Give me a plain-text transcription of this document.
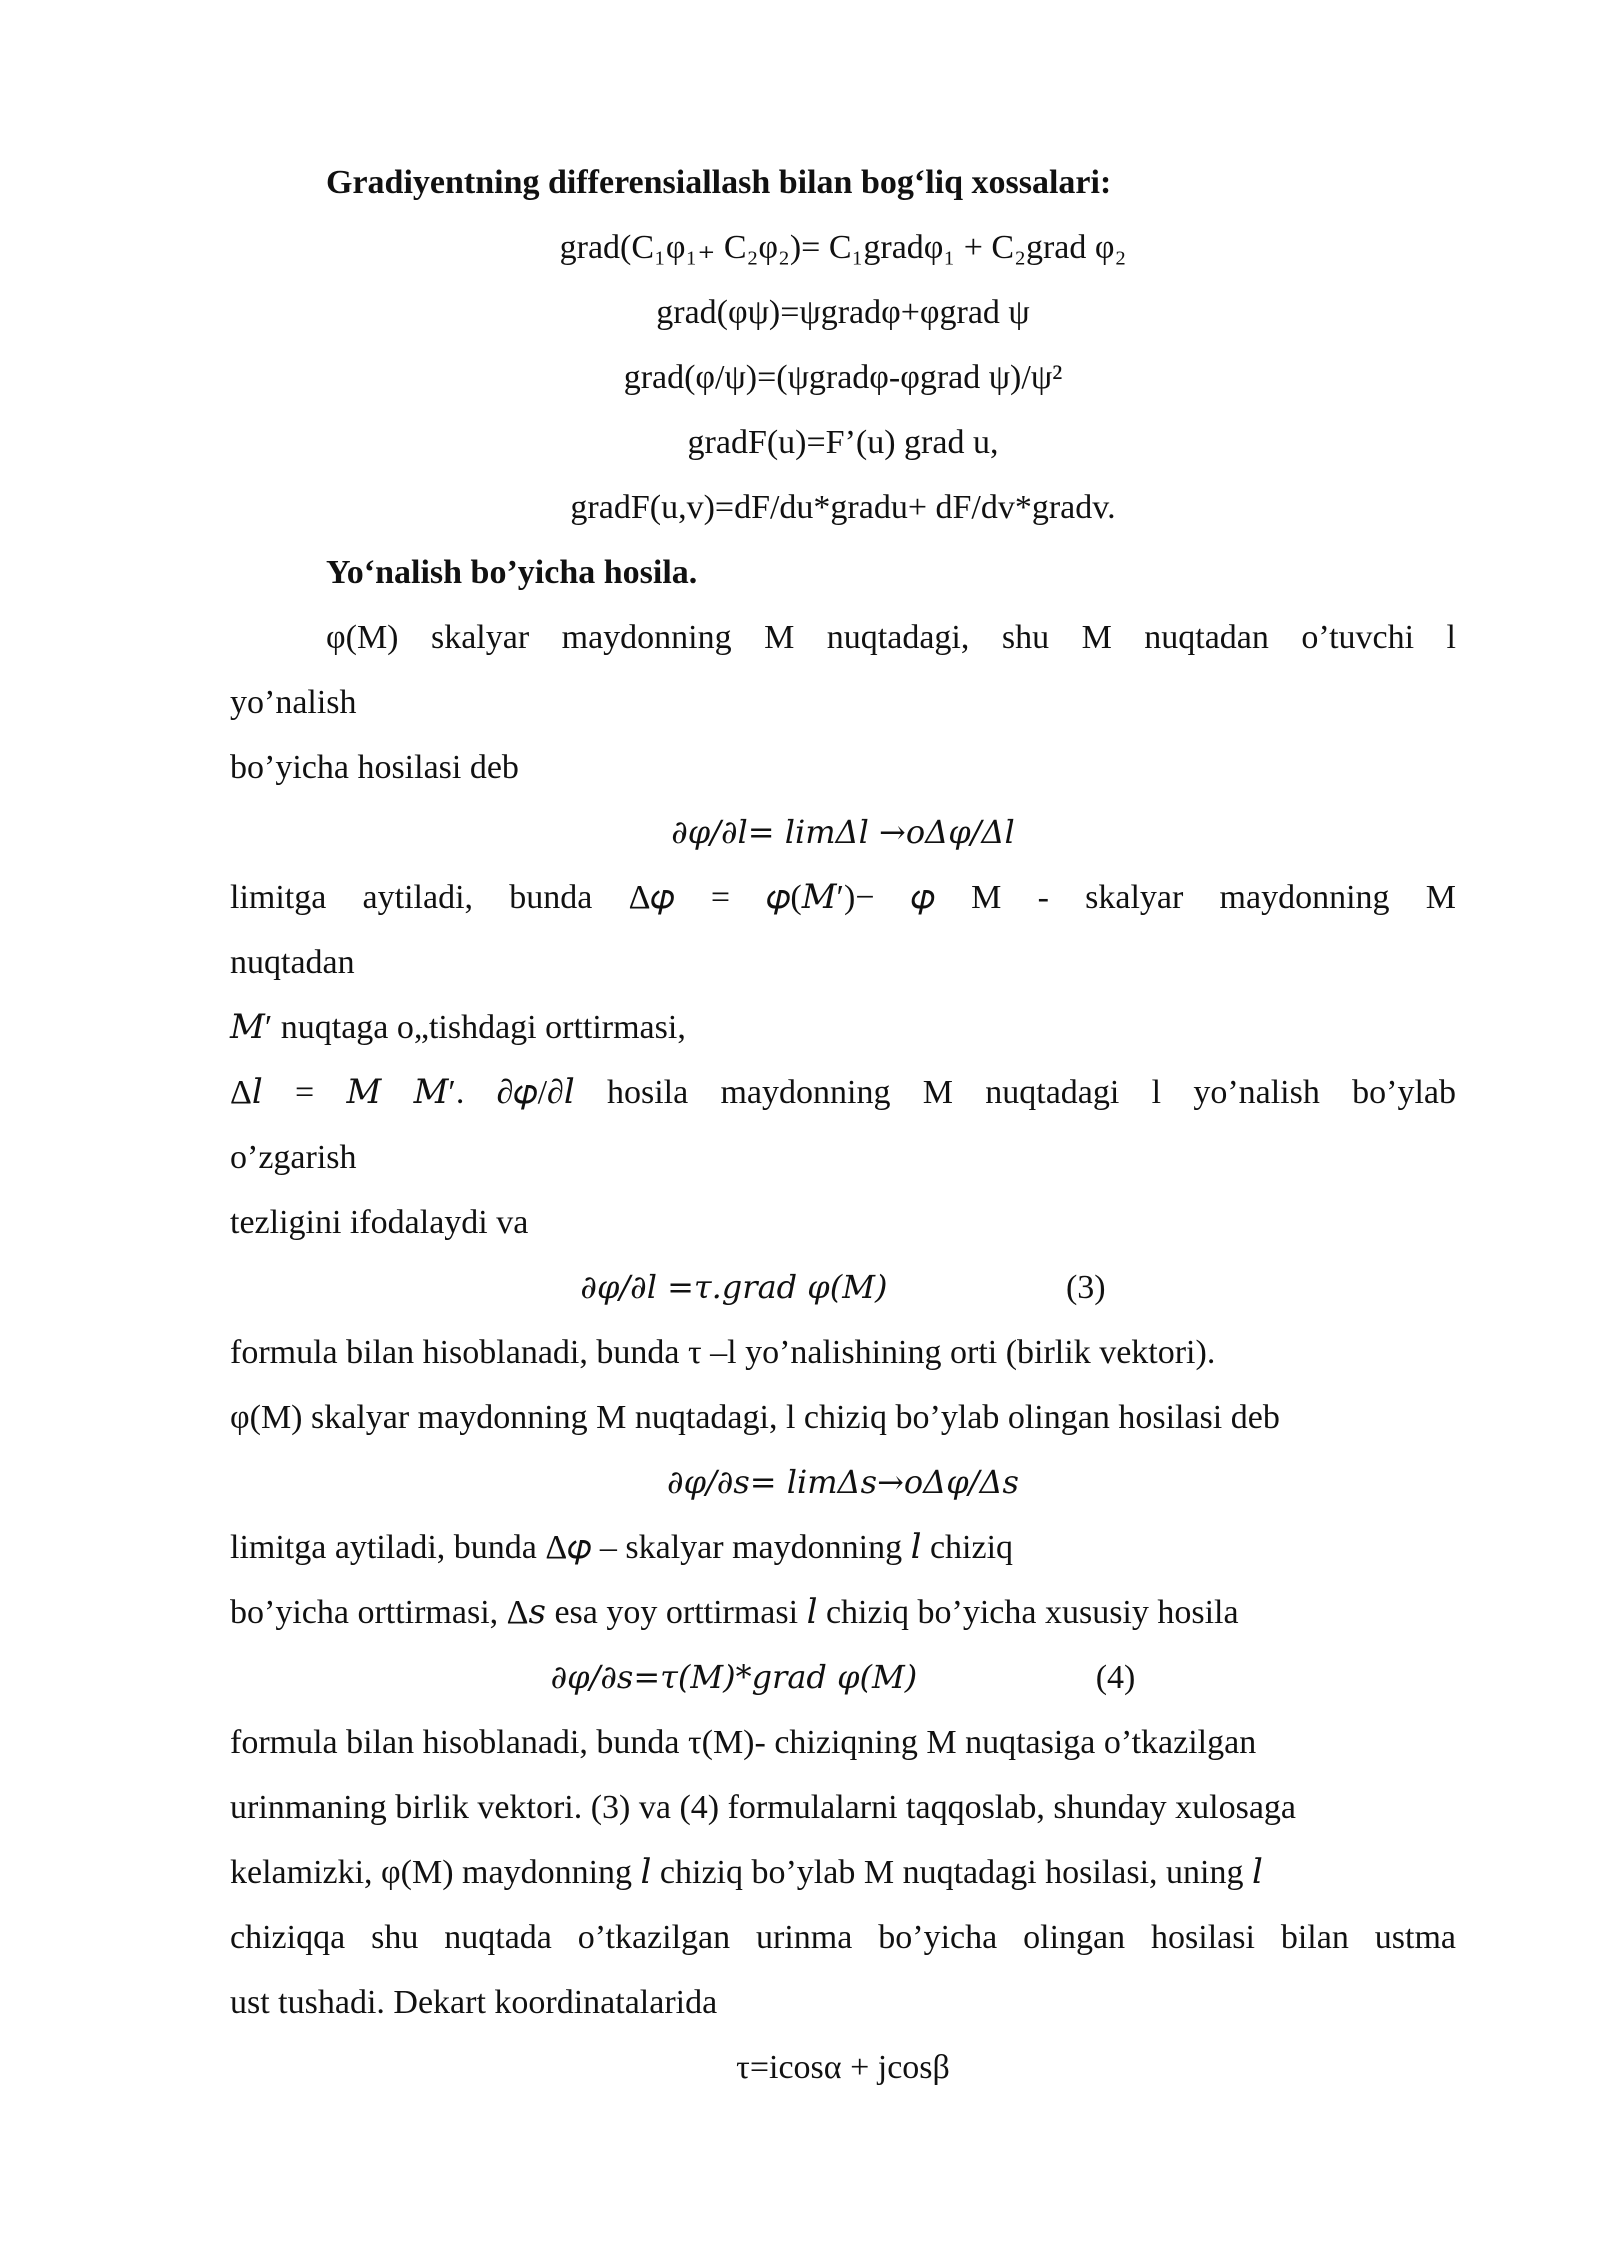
Gradiyentning differensiallash bilan bog‘liq xossalari:
grad(C₁φ₁₊ C₂φ₂)= C₁gradφ₁ + C₂grad φ₂
grad(φψ)=ψgradφ+φgrad ψ
grad(φ/ψ)=(ψgradφ-φgrad ψ)/ψ²
gradF(u)=F’(u) grad u,
gradF(u,v)=dF/du*gradu+ dF/dv*gradv.
Yo‘nalish bo’yicha hosila.
φ(M) skalyar maydonning M nuqtadagi, shu M nuqtadan o’tuvchi l
yo’nalish
bo’yicha hosilasi deb
∂𝜑/∂𝑙= limΔ𝑙 →𝑜Δ𝜑/Δ𝑙
limitga aytiladi, bunda Δ𝜑 = 𝜑(𝑀′)− 𝜑 M - skalyar maydonning M
nuqtadan
𝑀′ nuqtaga o„tishdagi orttirmasi,
Δ𝑙 = 𝑀 𝑀′. ∂𝜑/∂𝑙 hosila maydonning M nuqtadagi l yo’nalish bo’ylab
o’zgarish
tezligini ifodalaydi va
∂𝜑/∂𝑙 =τ.grad φ(M)	(3)
formula bilan hisoblanadi, bunda τ –l yo’nalishining orti (birlik vektori).
φ(M) skalyar maydonning M nuqtadagi, l chiziq bo’ylab olingan hosilasi deb
∂𝜑/∂𝑠= limΔ𝑠→𝑜Δ𝜑/Δ𝑠
limitga aytiladi, bunda Δ𝜑 – skalyar maydonning 𝑙 chiziq
bo’yicha orttirmasi, Δ𝑠 esa yoy orttirmasi 𝑙 chiziq bo’yicha xususiy hosila
∂𝜑/∂𝑠=τ(M)*grad φ(M)	(4)
formula bilan hisoblanadi, bunda τ(M)- chiziqning M nuqtasiga o’tkazilgan
urinmaning birlik vektori. (3) va (4) formulalarni taqqoslab, shunday xulosaga
kelamizki, φ(M) maydonning 𝑙 chiziq bo’ylab M nuqtadagi hosilasi, uning 𝑙
chiziqqa shu nuqtada o’tkazilgan urinma bo’yicha olingan hosilasi bilan ustma
ust tushadi. Dekart koordinatalarida
τ=icosα + jcosβ
